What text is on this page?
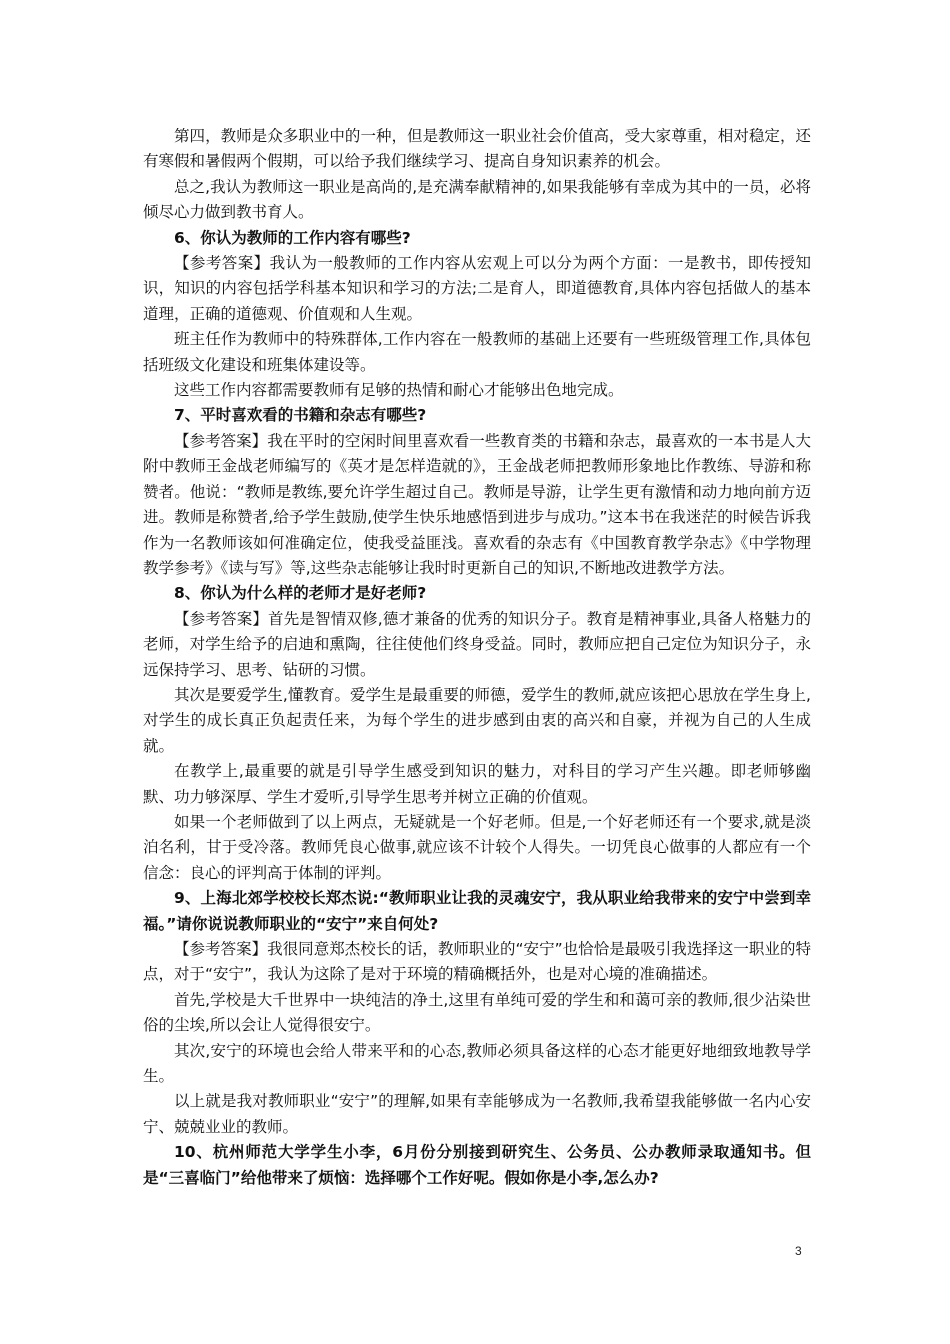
第四，教师是众多职业中的一种，但是教师这一职业社会价值高，受大家尊重，相对稳定，还有寒假和暑假两个假期，可以给予我们继续学习、提高自身知识素养的机会。

总之,我认为教师这一职业是高尚的,是充满奉献精神的,如果我能够有幸成为其中的一员，必将倾尽心力做到教书育人。

6、你认为教师的工作内容有哪些?

【参考答案】我认为一般教师的工作内容从宏观上可以分为两个方面：一是教书，即传授知识，知识的内容包括学科基本知识和学习的方法;二是育人，即道德教育,具体内容包括做人的基本道理，正确的道德观、价值观和人生观。

班主任作为教师中的特殊群体,工作内容在一般教师的基础上还要有一些班级管理工作,具体包括班级文化建设和班集体建设等。

这些工作内容都需要教师有足够的热情和耐心才能够出色地完成。

7、平时喜欢看的书籍和杂志有哪些?

【参考答案】我在平时的空闲时间里喜欢看一些教育类的书籍和杂志，最喜欢的一本书是人大附中教师王金战老师编写的《英才是怎样造就的》，王金战老师把教师形象地比作教练、导游和称赞者。他说：“教师是教练,要允许学生超过自己。教师是导游，让学生更有激情和动力地向前方迈进。教师是称赞者,给予学生鼓励,使学生快乐地感悟到进步与成功。”这本书在我迷茫的时候告诉我作为一名教师该如何准确定位，使我受益匪浅。喜欢看的杂志有《中国教育教学杂志》《中学物理教学参考》《读与写》等,这些杂志能够让我时时更新自己的知识,不断地改进教学方法。

8、你认为什么样的老师才是好老师?

【参考答案】首先是智情双修,德才兼备的优秀的知识分子。教育是精神事业,具备人格魅力的老师，对学生给予的启迪和熏陶，往往使他们终身受益。同时，教师应把自己定位为知识分子，永远保持学习、思考、钻研的习惯。

其次是要爱学生,懂教育。爱学生是最重要的师德，爱学生的教师,就应该把心思放在学生身上,对学生的成长真正负起责任来，为每个学生的进步感到由衷的高兴和自豪，并视为自己的人生成就。

在教学上,最重要的就是引导学生感受到知识的魅力，对科目的学习产生兴趣。即老师够幽默、功力够深厚、学生才爱听,引导学生思考并树立正确的价值观。

如果一个老师做到了以上两点，无疑就是一个好老师。但是,一个好老师还有一个要求,就是淡泊名利，甘于受冷落。教师凭良心做事,就应该不计较个人得失。一切凭良心做事的人都应有一个信念：良心的评判高于体制的评判。

9、上海北郊学校校长郑杰说:“教师职业让我的灵魂安宁，我从职业给我带来的安宁中尝到幸福。”请你说说教师职业的“安宁”来自何处?

【参考答案】我很同意郑杰校长的话，教师职业的“安宁”也恰恰是最吸引我选择这一职业的特点，对于“安宁”，我认为这除了是对于环境的精确概括外，也是对心境的准确描述。

首先,学校是大千世界中一块纯洁的净土,这里有单纯可爱的学生和和蔼可亲的教师,很少沾染世俗的尘埃,所以会让人觉得很安宁。

其次,安宁的环境也会给人带来平和的心态,教师必须具备这样的心态才能更好地细致地教导学生。

以上就是我对教师职业“安宁”的理解,如果有幸能够成为一名教师,我希望我能够做一名内心安宁、兢兢业业的教师。

10、杭州师范大学学生小李，6月份分别接到研究生、公务员、公办教师录取通知书。但是“三喜临门”给他带来了烦恼：选择哪个工作好呢。假如你是小李,怎么办?

3
